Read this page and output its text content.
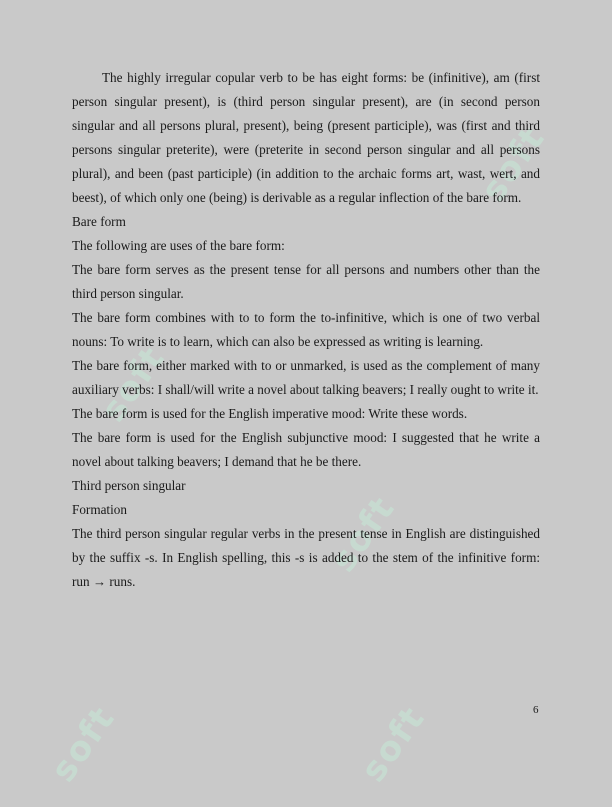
soft
soft
soft	soft
soft

The highly irregular copular verb to be has eight forms: be (infinitive), am (first person singular present), is (third person singular present), are (in second person singular and all persons plural, present), being (present participle), was (first and third persons singular preterite), were (preterite in second person singular and all persons plural), and been (past participle) (in addition to the archaic forms art, wast, wert, and beest), of which only one (being) is derivable as a regular inflection of the bare form.

Bare form

The following are uses of the bare form:

The bare form serves as the present tense for all persons and numbers other than the third person singular.

The bare form combines with to to form the to-infinitive, which is one of two verbal nouns: To write is to learn, which can also be expressed as writing is learning.

The bare form, either marked with to or unmarked, is used as the complement of many auxiliary verbs: I shall/will write a novel about talking beavers; I really ought to write it.

The bare form is used for the English imperative mood: Write these words.

The bare form is used for the English subjunctive mood: I suggested that he write a novel about talking beavers; I demand that he be there.

Third person singular

Formation

The third person singular regular verbs in the present tense in English are distinguished by the suffix -s. In English spelling, this -s is added to the stem of the infinitive form: run → runs.

6
